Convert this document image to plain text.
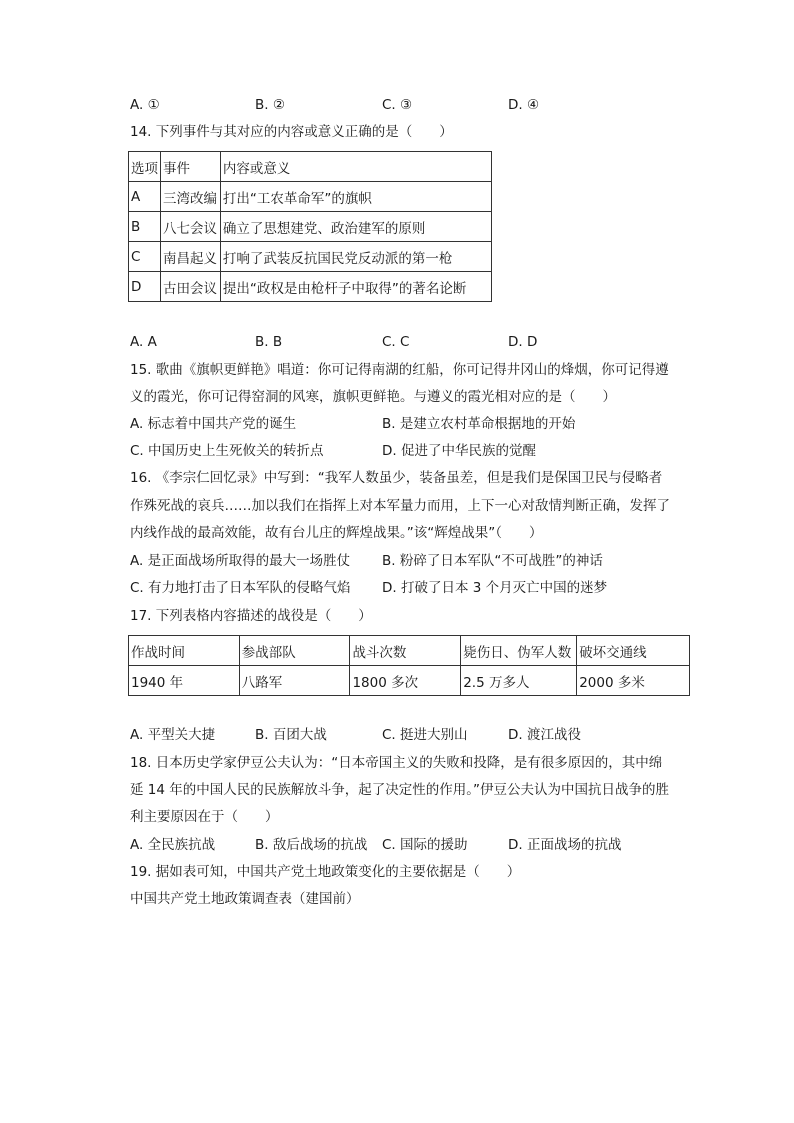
A. ①	B. ②	C. ③	D. ④
14. 下列事件与其对应的内容或意义正确的是（　　）
选项	事件	内容或意义
A	三湾改编	打出“工农革命军”的旗帜
B	八七会议	确立了思想建党、政治建军的原则
C	南昌起义	打响了武装反抗国民党反动派的第一枪
D	古田会议	提出“政权是由枪杆子中取得”的著名论断
A. A	B. B	C. C	D. D
15. 歌曲《旗帜更鲜艳》唱道：你可记得南湖的红船，你可记得井冈山的烽烟，你可记得遵
义的霞光，你可记得窑洞的风寒，旗帜更鲜艳。与遵义的霞光相对应的是（　　）
A. 标志着中国共产党的诞生	B. 是建立农村革命根据地的开始
C. 中国历史上生死攸关的转折点	D. 促进了中华民族的觉醒
16. 《李宗仁回忆录》中写到：“我军人数虽少，装备虽差，但是我们是保国卫民与侵略者
作殊死战的哀兵……加以我们在指挥上对本军量力而用，上下一心对敌情判断正确，发挥了
内线作战的最高效能，故有台儿庄的辉煌战果。”该“辉煌战果”（　　）
A. 是正面战场所取得的最大一场胜仗 B. 粉碎了日本军队“不可战胜”的神话
C. 有力地打击了日本军队的侵略气焰 D. 打破了日本 3 个月灭亡中国的迷梦
17. 下列表格内容描述的战役是（　　）
作战时间	参战部队	战斗次数	毙伤日、伪军人数	破坏交通线
1940 年	八路军	1800 多次	2.5 万多人	2000 多米
A. 平型关大捷	B. 百团大战	C. 挺进大别山	D. 渡江战役
18. 日本历史学家伊豆公夫认为：“日本帝国主义的失败和投降，是有很多原因的，其中绵
延 14 年的中国人民的民族解放斗争，起了决定性的作用。”伊豆公夫认为中国抗日战争的胜
利主要原因在于（　　）
A. 全民族抗战	B. 敌后战场的抗战 C. 国际的援助	D. 正面战场的抗战
19. 据如表可知，中国共产党土地政策变化的主要依据是（　　）
中国共产党土地政策调查表（建国前）
